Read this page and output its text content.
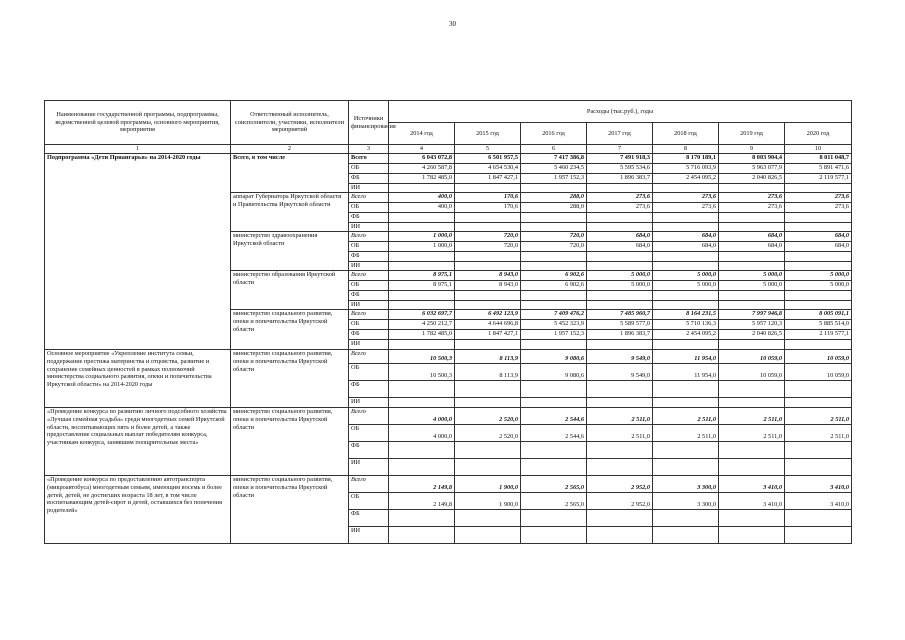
30
Наименование государственной программы, подпрограммы, ведомственной целевой программы, основного мероприятия, мероприятия	Ответственный исполнитель, соисполнители, участники, исполнители мероприятий	Источники финансирования	Расходы (тыс.руб.), годы						
			2014 год	2015 год	2016 год	2017 год	2018 год	2019 год	2020 год
1	2	3	4	5	6	7	8	9	10
Подпрограмма «Дети Приангарья» на 2014-2020 годы	Всего, в том числе	Всего	6 043 072,8	6 501 957,5	7 417 386,8	7 491 918,3	8 170 189,1	8 003 904,4	8 011 048,7
		ОБ	4 260 587,8	4 654 530,4	5 460 234,5	5 595 534,6	5 716 093,9	5 963 077,9	5 891 471,6
		ФБ	1 782 485,0	1 847 427,1	1 957 152,3	1 896 383,7	2 454 095,2	2 040 826,5	2 119 577,1
		ИИ							
	аппарат Губернатора Иркутской области и Правительства Иркутской области	Всего	400,0	170,6	288,0	273,6	273,6	273,6	273,6
		ОБ	400,0	170,6	288,0	273,6	273,6	273,6	273,6
		ФБ							
		ИИ							
	министерство здравоохранения Иркутской области	Всего	1 000,0	720,0	720,0	684,0	684,0	684,0	684,0
		ОБ	1 000,0	720,0	720,0	684,0	684,0	684,0	684,0
		ФБ							
		ИИ							
	министерство образования Иркутской области	Всего	8 975,1	8 943,0	6 902,6	5 000,0	5 000,0	5 000,0	5 000,0
		ОБ	8 975,1	8 943,0	6 902,6	5 000,0	5 000,0	5 000,0	5 000,0
		ФБ							
		ИИ							
	министерство социального развития, опеки и попечительства Иркутской области	Всего	6 032 697,7	6 492 123,9	7 409 476,2	7 485 960,7	8 164 231,5	7 997 946,8	8 005 091,1
		ОБ	4 250 212,7	4 644 696,8	5 452 323,9	5 589 577,0	5 710 136,3	5 957 120,3	5 885 514,0
		ФБ	1 782 485,0	1 847 427,1	1 957 152,3	1 896 383,7	2 454 095,2	2 040 826,5	2 119 577,1
		ИИ							
Основное мероприятие «Укрепление института семьи, поддержание престижа материнства и отцовства, развитие и сохранение семейных ценностей в рамках полномочий министерства социального развития, опеки и попечительства Иркутской области» на 2014-2020 годы	министерство социального развития, опеки и попечительства Иркутской области	Всего	10 500,3	8 113,9	9 080,6	9 549,0	11 954,0	10 059,0	10 059,0
		ОБ	10 500,3	8 113,9	9 080,6	9 549,0	11 954,0	10 059,0	10 059,0
		ФБ							
		ИИ							
«Проведение конкурса по развитию личного подсобного хозяйства «Лучшая семейная усадьба» среди многодетных семей Иркутской области, воспитывающих пять и более детей, а также предоставление социальных выплат победителям конкурса, участникам конкурса, занявшим поощрительные места»	министерство социального развития, опеки и попечительства Иркутской области	Всего	4 000,0	2 520,0	2 544,6	2 511,0	2 511,0	2 511,0	2 511,0
		ОБ	4 000,0	2 520,0	2 544,6	2 511,0	2 511,0	2 511,0	2 511,0
		ФБ							
		ИИ							
«Проведение конкурса по предоставлению автотранспорта (микроавтобуса) многодетным семьям, имеющим восемь и более детей, детей, не достигших возраста 18 лет, в том числе воспитывающим детей-сирот и детей, оставшихся без попечения родителей»	министерство социального развития, опеки и попечительства Иркутской области	Всего	2 149,8	1 900,0	2 565,0	2 952,0	3 300,0	3 410,0	3 410,0
		ОБ	2 149,8	1 900,0	2 565,0	2 952,0	3 300,0	3 410,0	3 410,0
		ФБ							
		ИИ							
